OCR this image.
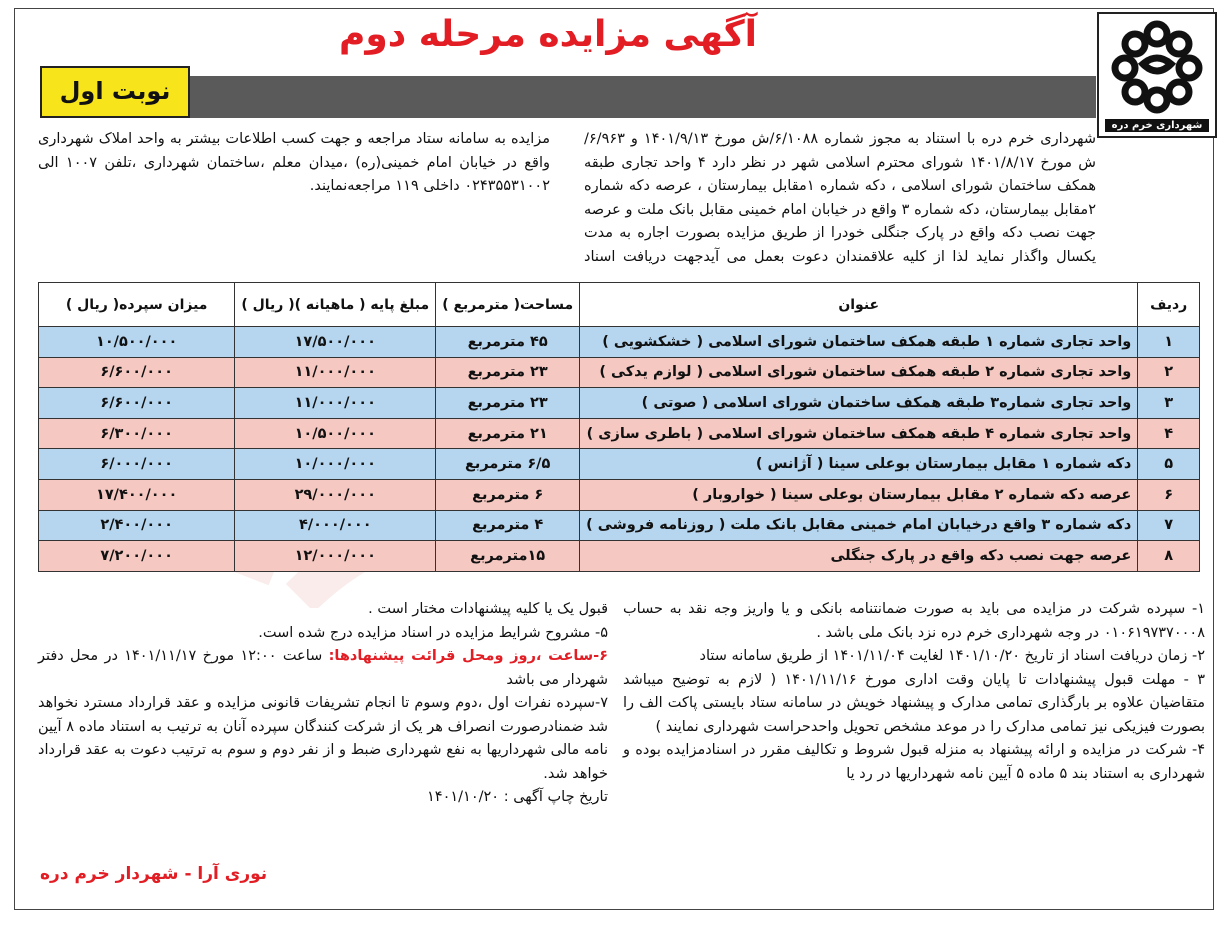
شهرداری خرم دره
آگهی مزایده مرحله دوم
نوبت اول
شهرداری خرم دره با استناد به مجوز شماره ۶/۱۰۸۸/ش مورخ ۱۴۰۱/۹/۱۳ و ۶/۹۶۳/ش مورخ ۱۴۰۱/۸/۱۷ شورای محترم اسلامی شهر در نظر دارد ۴ واحد تجاری طبقه همکف ساختمان شورای اسلامی ، دکه شماره ۱مقابل بیمارستان ، عرصه دکه شماره ۲مقابل بیمارستان، دکه شماره ۳ واقع در خیابان امام خمینی مقابل بانک ملت و عرصه جهت نصب دکه واقع در پارک جنگلی خودرا از طریق مزایده بصورت اجاره به مدت یکسال واگذار نماید لذا از کلیه علاقمندان دعوت بعمل می آیدجهت دریافت اسناد مزایده به سامانه ستاد مراجعه و جهت کسب اطلاعات بیشتر به واحد املاک شهرداری واقع در خیابان امام خمینی(ره) ،میدان معلم ،ساختمان شهرداری ،تلفن ۱۰۰۷ الی ۰۲۴۳۵۵۳۱۰۰۲ داخلی ۱۱۹ مراجعه‌نمایند.
ردیف	عنوان	مساحت( مترمربع )	مبلغ پایه ( ماهیانه )( ریال )	میزان سپرده( ریال )
۱	واحد تجاری شماره ۱ طبقه همکف ساختمان شورای اسلامی ( خشکشویی )	۴۵ مترمربع	۱۷/۵۰۰/۰۰۰	۱۰/۵۰۰/۰۰۰
۲	واحد تجاری شماره ۲ طبقه همکف ساختمان شورای اسلامی ( لوازم یدکی )	۲۳ مترمربع	۱۱/۰۰۰/۰۰۰	۶/۶۰۰/۰۰۰
۳	واحد تجاری شماره۳ طبقه همکف ساختمان شورای اسلامی ( صوتی )	۲۳ مترمربع	۱۱/۰۰۰/۰۰۰	۶/۶۰۰/۰۰۰
۴	واحد تجاری شماره ۴ طبقه همکف ساختمان شورای اسلامی ( باطری سازی )	۲۱ مترمربع	۱۰/۵۰۰/۰۰۰	۶/۳۰۰/۰۰۰
۵	دکه شماره ۱ مقابل بیمارستان بوعلی سینا ( آژانس )	۶/۵ مترمربع	۱۰/۰۰۰/۰۰۰	۶/۰۰۰/۰۰۰
۶	عرصه دکه شماره ۲ مقابل بیمارستان بوعلی سینا ( خواروبار )	۶ مترمربع	۲۹/۰۰۰/۰۰۰	۱۷/۴۰۰/۰۰۰
۷	دکه شماره ۳ واقع درخیابان امام خمینی مقابل بانک ملت ( روزنامه فروشی )	۴ مترمربع	۴/۰۰۰/۰۰۰	۲/۴۰۰/۰۰۰
۸	عرصه جهت نصب دکه واقع در پارک جنگلی	۱۵مترمربع	۱۲/۰۰۰/۰۰۰	۷/۲۰۰/۰۰۰

۱- سپرده شرکت در مزایده می باید به صورت ضمانتنامه بانکی و یا واریز وجه نقد به حساب ۰۱۰۶۱۹۷۳۷۰۰۰۸ در وجه شهرداری خرم دره نزد بانک ملی باشد .

۲- زمان دریافت اسناد از تاریخ ۱۴۰۱/۱۰/۲۰ لغایت ۱۴۰۱/۱۱/۰۴ از طریق سامانه ستاد

۳ - مهلت قبول پیشنهادات تا پایان وقت اداری مورخ ۱۴۰۱/۱۱/۱۶ ( لازم به توضیح میباشد متقاضیان علاوه بر بارگذاری تمامی مدارک و پیشنهاد خویش در سامانه ستاد بایستی پاکت الف را بصورت فیزیکی نیز تمامی مدارک را در موعد مشخص تحویل واحدحراست شهرداری نمایند )

۴- شرکت در مزایده و ارائه پیشنهاد به منزله قبول شروط و تکالیف مقرر در اسنادمزایده بوده و شهرداری به استناد بند ۵ ماده ۵ آیین نامه شهرداریها در رد یا

قبول یک یا کلیه پیشنهادات مختار است .

۵- مشروح شرایط مزایده در اسناد مزایده درج شده است.

۶-ساعت ،روز ومحل قرائت پیشنهادها: ساعت ۱۲:۰۰ مورخ ۱۴۰۱/۱۱/۱۷ در محل دفتر شهردار می باشد

۷-سپرده نفرات اول ،دوم وسوم تا انجام تشریفات قانونی مزایده و عقد قرارداد مسترد نخواهد شد ضمنادرصورت انصراف هر یک از شرکت کنندگان سپرده آنان به ترتیب به استناد ماده ۸ آیین نامه مالی شهرداریها به نفع شهرداری ضبط و از نفر دوم و سوم به ترتیب دعوت به عقد قرارداد خواهد شد.

تاریخ چاپ آگهی : ۱۴۰۱/۱۰/۲۰

نوری آرا - شهردار خرم دره
